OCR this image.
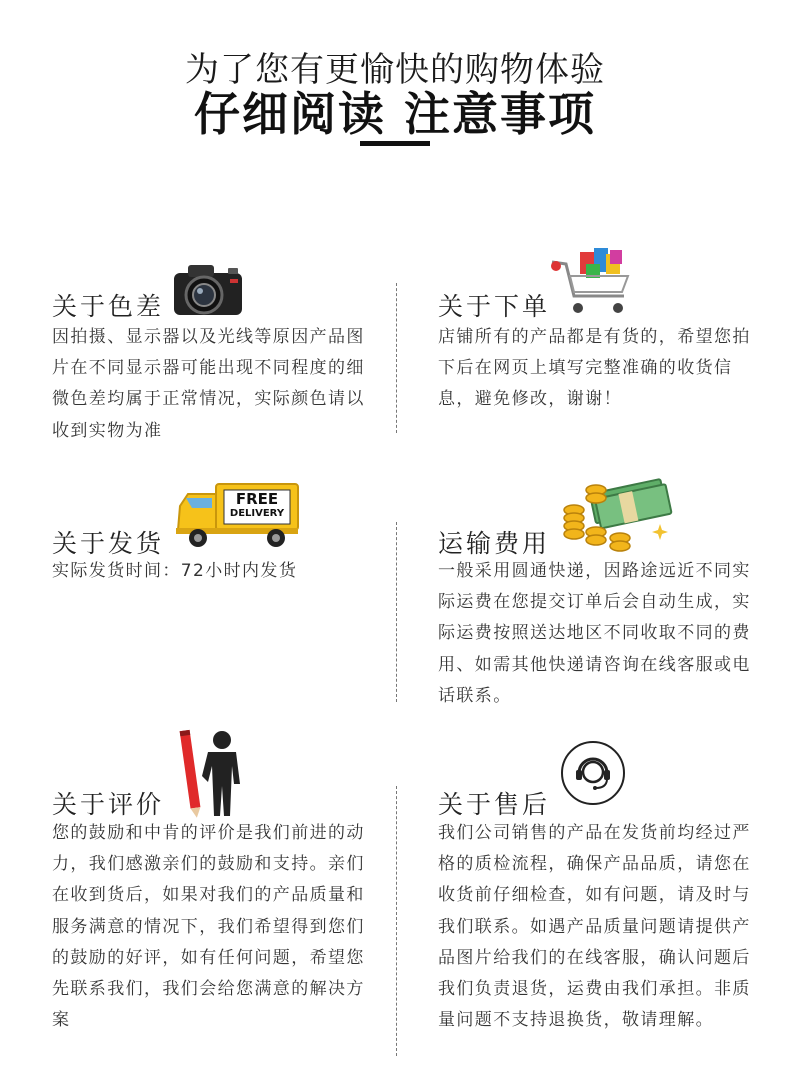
为了您有更愉快的购物体验
仔细阅读 注意事项
关于色差
因拍摄、显示器以及光线等原因产品图片在不同显示器可能出现不同程度的细微色差均属于正常情况，实际颜色请以收到实物为准
关于下单
店铺所有的产品都是有货的，希望您拍下后在网页上填写完整准确的收货信息，避免修改，谢谢！
关于发货
FREE
DELIVERY
实际发货时间：72小时内发货
运输费用
一般采用圆通快递，因路途远近不同实际运费在您提交订单后会自动生成，实际运费按照送达地区不同收取不同的费用、如需其他快递请咨询在线客服或电话联系。
关于评价
您的鼓励和中肯的评价是我们前进的动力，我们感激亲们的鼓励和支持。亲们在收到货后，如果对我们的产品质量和服务满意的情况下，我们希望得到您们的鼓励的好评，如有任何问题，希望您先联系我们，我们会给您满意的解决方案
关于售后
我们公司销售的产品在发货前均经过严格的质检流程，确保产品品质，请您在收货前仔细检查，如有问题，请及时与我们联系。如遇产品质量问题请提供产品图片给我们的在线客服，确认问题后我们负责退货，运费由我们承担。非质量问题不支持退换货，敬请理解。
